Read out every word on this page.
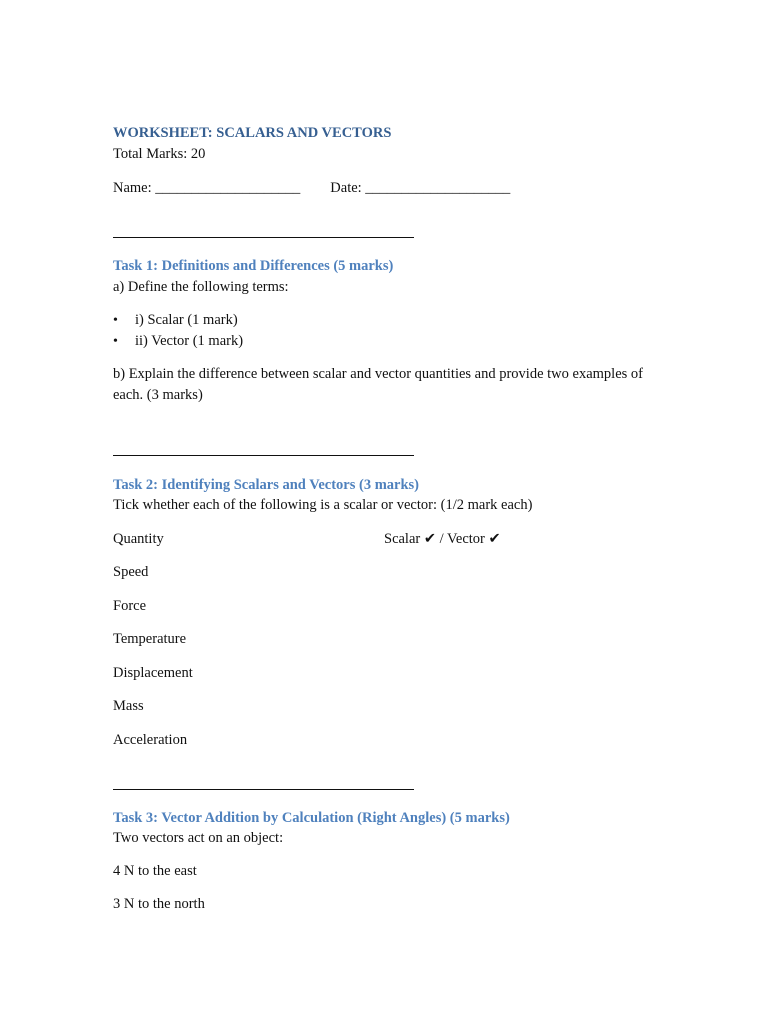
WORKSHEET: SCALARS AND VECTORS

Total Marks: 20

Name: ____________________ Date: ____________________

Task 1: Definitions and Differences (5 marks)

a) Define the following terms:

• i) Scalar (1 mark)
• ii) Vector (1 mark)

b) Explain the difference between scalar and vector quantities and provide two examples of each. (3 marks)

Task 2: Identifying Scalars and Vectors (3 marks)

Tick whether each of the following is a scalar or vector: (1/2 mark each)

Quantity	Scalar ✔ / Vector ✔

Speed

Force

Temperature

Displacement

Mass

Acceleration

Task 3: Vector Addition by Calculation (Right Angles) (5 marks)

Two vectors act on an object:

4 N to the east

3 N to the north
